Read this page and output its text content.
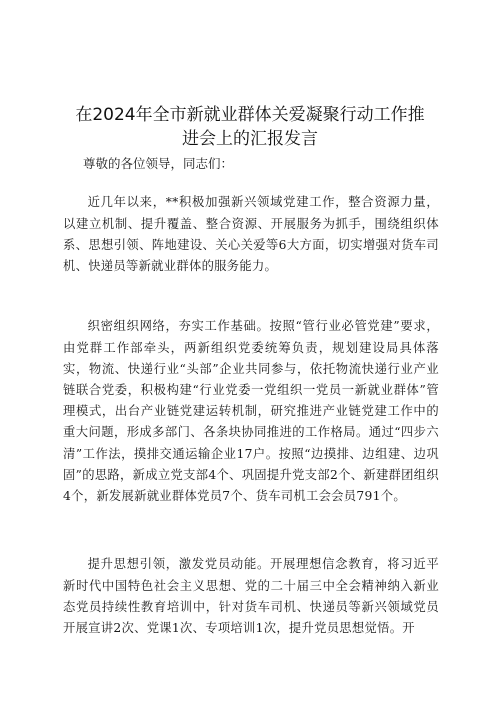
在2024年全市新就业群体关爱凝聚行动工作推
进会上的汇报发言
尊敬的各位领导，同志们：

近几年以来，**积极加强新兴领域党建工作，整合资源力量，以建立机制、提升覆盖、整合资源、开展服务为抓手，围绕组织体系、思想引领、阵地建设、关心关爱等6大方面，切实增强对货车司机、快递员等新就业群体的服务能力。

织密组织网络，夯实工作基础。按照“管行业必管党建”要求，由党群工作部牵头，两新组织党委统筹负责，规划建设局具体落实，物流、快递行业“头部”企业共同参与，依托物流快递行业产业链联合党委，积极构建“行业党委一党组织一党员一新就业群体”管理模式，出台产业链党建运转机制，研究推进产业链党建工作中的重大问题，形成多部门、各条块协同推进的工作格局。通过“四步六清”工作法，摸排交通运输企业17户。按照“边摸排、边组建、边巩固”的思路，新成立党支部4个、巩固提升党支部2个、新建群团组织4个，新发展新就业群体党员7个、货车司机工会会员791个。

提升思想引领，激发党员动能。开展理想信念教育，将习近平新时代中国特色社会主义思想、党的二十届三中全会精神纳入新业态党员持续性教育培训中，针对货车司机、快递员等新兴领域党员开展宣讲2次、党课1次、专项培训1次，提升党员思想觉悟。开
